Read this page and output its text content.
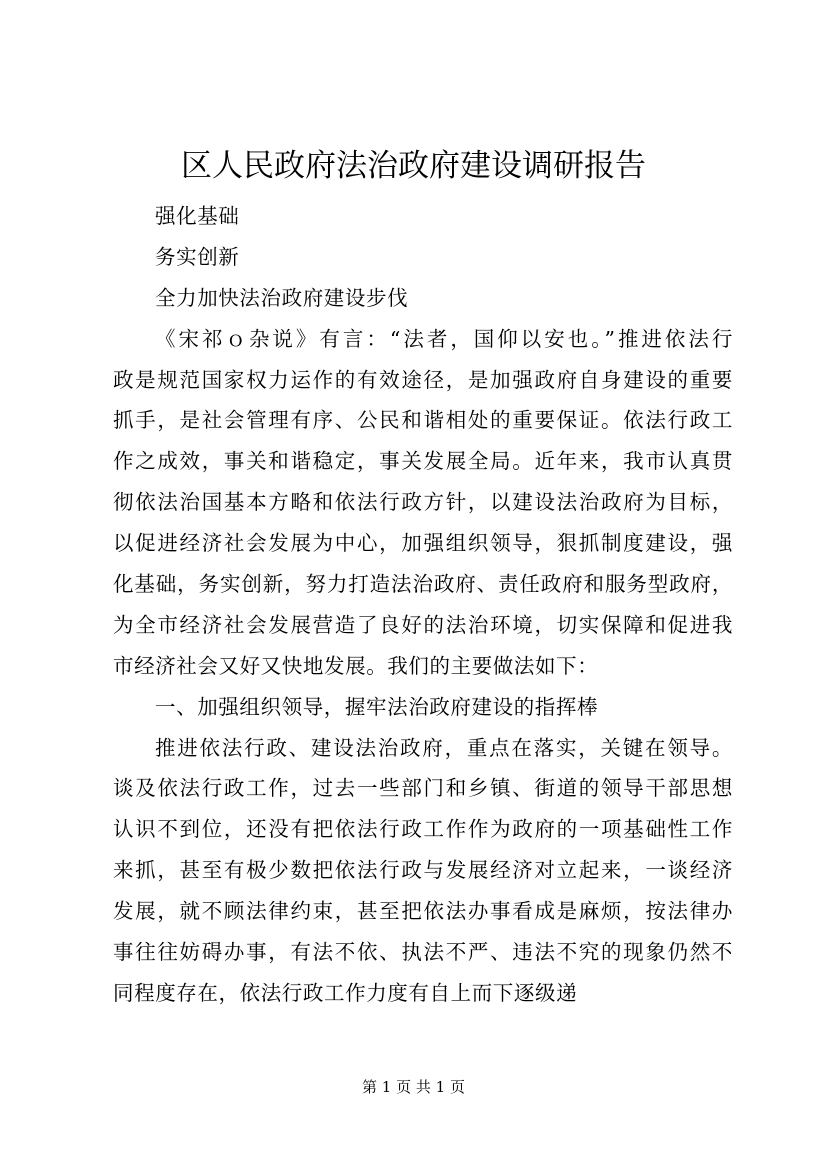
区人民政府法治政府建设调研报告
强化基础
务实创新
全力加快法治政府建设步伐
《宋祁ｏ杂说》有言：“法者，国仰以安也。”推进依法行
政是规范国家权力运作的有效途径，是加强政府自身建设的重要
抓手，是社会管理有序、公民和谐相处的重要保证。依法行政工
作之成效，事关和谐稳定，事关发展全局。近年来，我市认真贯
彻依法治国基本方略和依法行政方针，以建设法治政府为目标，
以促进经济社会发展为中心，加强组织领导，狠抓制度建设，强
化基础，务实创新，努力打造法治政府、责任政府和服务型政府，
为全市经济社会发展营造了良好的法治环境，切实保障和促进我
市经济社会又好又快地发展。我们的主要做法如下：
一、加强组织领导，握牢法治政府建设的指挥棒
推进依法行政、建设法治政府，重点在落实，关键在领导。
谈及依法行政工作，过去一些部门和乡镇、街道的领导干部思想
认识不到位，还没有把依法行政工作作为政府的一项基础性工作
来抓，甚至有极少数把依法行政与发展经济对立起来，一谈经济
发展，就不顾法律约束，甚至把依法办事看成是麻烦，按法律办
事往往妨碍办事，有法不依、执法不严、违法不究的现象仍然不
同程度存在，依法行政工作力度有自上而下逐级递
第 1 页 共 1 页
